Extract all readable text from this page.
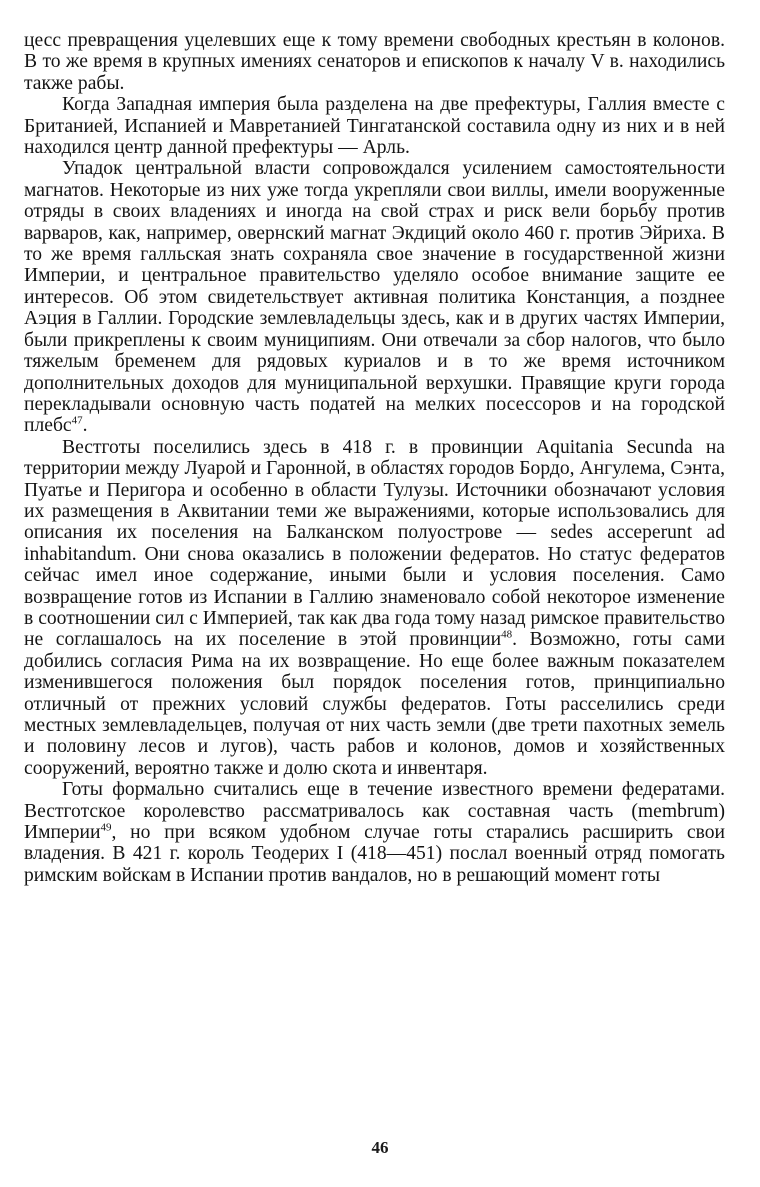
цесс превращения уцелевших еще к тому времени свободных крестьян в колонов. В то же время в крупных имениях сенаторов и епископов к началу V в. находились также рабы.

Когда Западная империя была разделена на две префектуры, Галлия вместе с Британией, Испанией и Мавретанией Тингатанской составила одну из них и в ней находился центр данной префектуры — Арль.

Упадок центральной власти сопровождался усилением самостоятельности магнатов. Некоторые из них уже тогда укрепляли свои виллы, имели вооруженные отряды в своих владениях и иногда на свой страх и риск вели борьбу против варваров, как, например, овернский магнат Экдиций около 460 г. против Эйриха. В то же время галльская знать сохраняла свое значение в государственной жизни Империи, и центральное правительство уделяло особое внимание защите ее интересов. Об этом свидетельствует активная политика Констанция, а позднее Аэция в Галлии. Городские землевладельцы здесь, как и в других частях Империи, были прикреплены к своим муниципиям. Они отвечали за сбор налогов, что было тяжелым бременем для рядовых куриалов и в то же время источником дополнительных доходов для муниципальной верхушки. Правящие круги города перекладывали основную часть податей на мелких посессоров и на городской плебс$^{47}$.

Вестготы поселились здесь в 418 г. в провинции Aquitania Secunda на территории между Луарой и Гаронной, в областях городов Бордо, Ангулема, Сэнта, Пуатье и Перигора и особенно в области Тулузы. Источники обозначают условия их размещения в Аквитании теми же выражениями, которые использовались для описания их поселения на Балканском полуострове — sedes acceperunt ad inhabitandum. Они снова оказались в положении федератов. Но статус федератов сейчас имел иное содержание, иными были и условия поселения. Само возвращение готов из Испании в Галлию знаменовало собой некоторое изменение в соотношении сил с Империей, так как два года тому назад римское правительство не соглашалось на их поселение в этой провинции$^{48}$. Возможно, готы сами добились согласия Рима на их возвращение. Но еще более важным показателем изменившегося положения был порядок поселения готов, принципиально отличный от прежних условий службы федератов. Готы расселились среди местных землевладельцев, получая от них часть земли (две трети пахотных земель и половину лесов и лугов), часть рабов и колонов, домов и хозяйственных сооружений, вероятно также и долю скота и инвентаря.

Готы формально считались еще в течение известного времени федератами. Вестготское королевство рассматривалось как составная часть (membrum) Империи$^{49}$, но при всяком удобном случае готы старались расширить свои владения. В 421 г. король Теодерих I (418—451) послал военный отряд помогать римским войскам в Испании против вандалов, но в решающий момент готы

46
